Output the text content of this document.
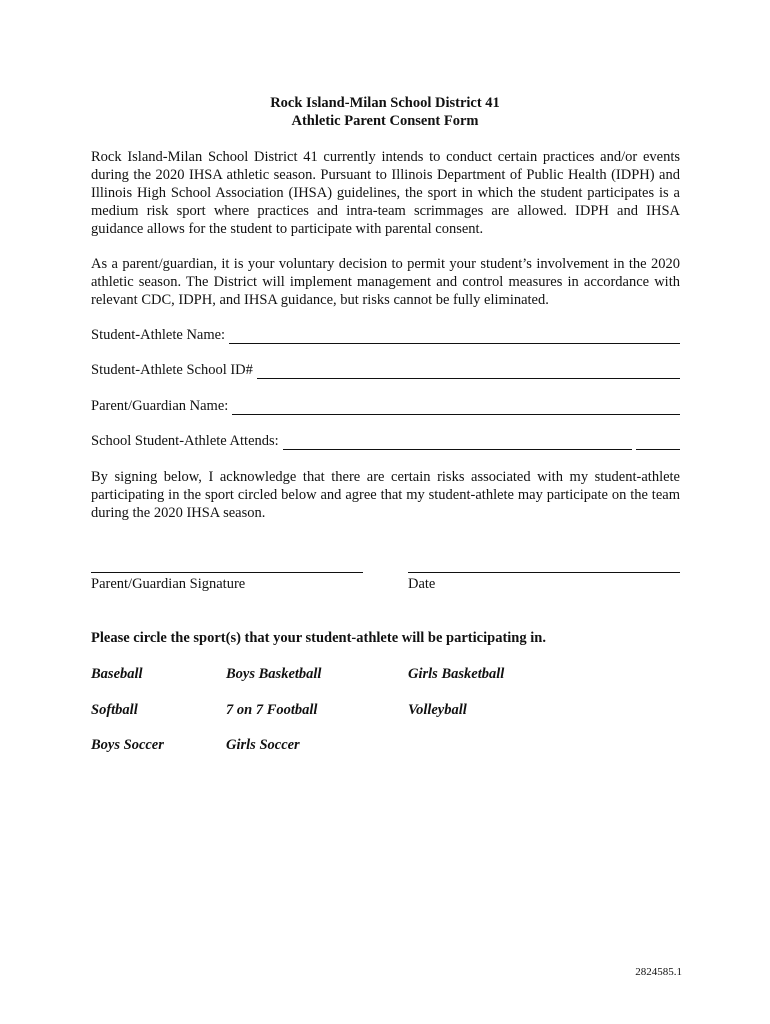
Rock Island-Milan School District 41
Athletic Parent Consent Form
Rock Island-Milan School District 41 currently intends to conduct certain practices and/or events during the 2020 IHSA athletic season. Pursuant to Illinois Department of Public Health (IDPH) and Illinois High School Association (IHSA) guidelines, the sport in which the student participates is a medium risk sport where practices and intra-team scrimmages are allowed. IDPH and IHSA guidance allows for the student to participate with parental consent.
As a parent/guardian, it is your voluntary decision to permit your student’s involvement in the 2020 athletic season. The District will implement management and control measures in accordance with relevant CDC, IDPH, and IHSA guidance, but risks cannot be fully eliminated.
Student-Athlete Name:
Student-Athlete School ID#
Parent/Guardian Name:
School Student-Athlete Attends:
By signing below, I acknowledge that there are certain risks associated with my student-athlete participating in the sport circled below and agree that my student-athlete may participate on the team during the 2020 IHSA season.
Parent/Guardian Signature	Date
Please circle the sport(s) that your student-athlete will be participating in.
Baseball	Boys Basketball	Girls Basketball
Softball	7 on 7 Football	Volleyball
Boys Soccer	Girls Soccer
2824585.1
